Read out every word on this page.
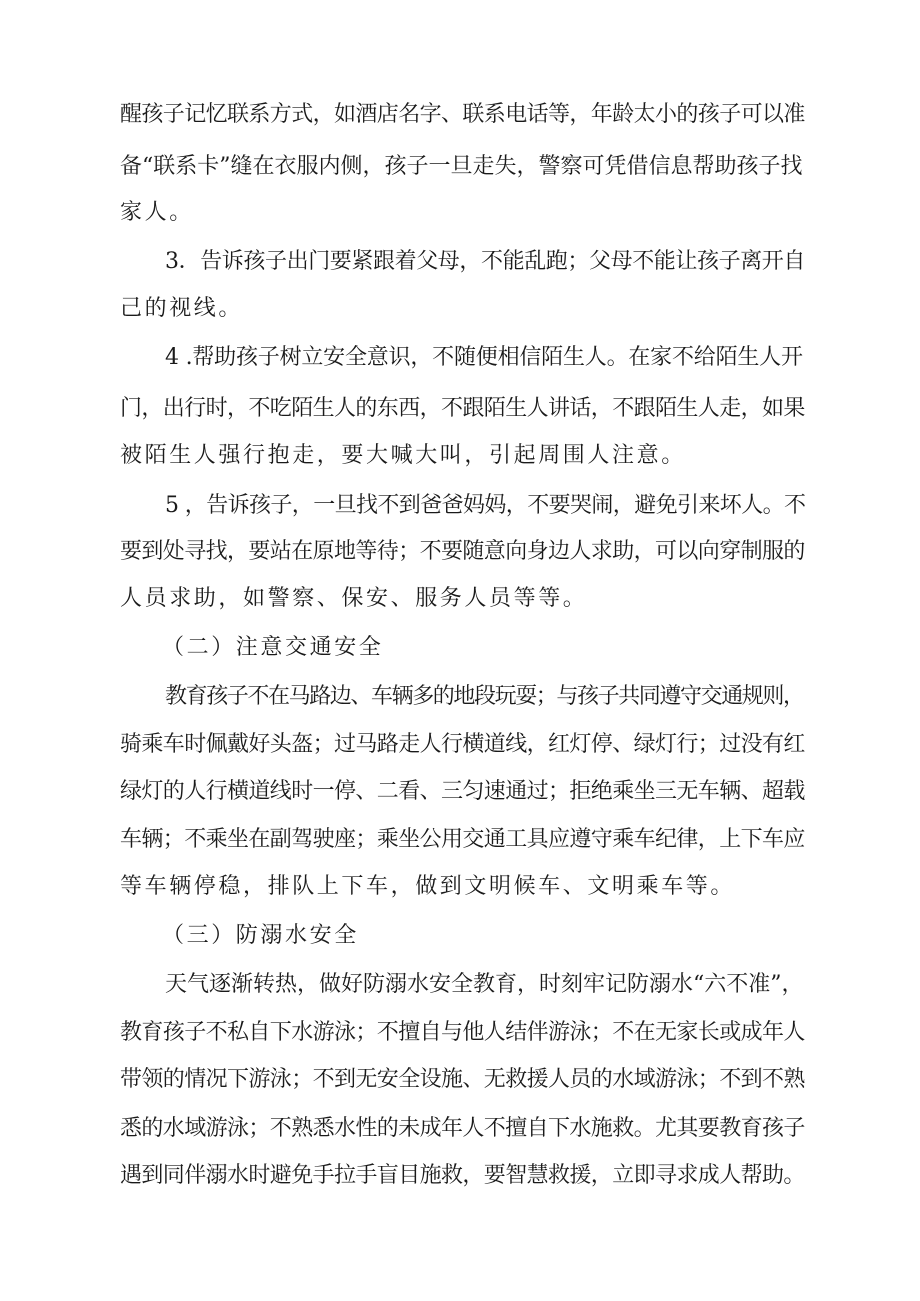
醒孩子记忆联系方式，如酒店名字、联系电话等，年龄太小的孩子可以准
备“联系卡”缝在衣服内侧，孩子一旦走失，警察可凭借信息帮助孩子找
家人。
3．告诉孩子出门要紧跟着父母，不能乱跑；父母不能让孩子离开自
己的视线。
4 .帮助孩子树立安全意识，不随便相信陌生人。在家不给陌生人开
门，出行时，不吃陌生人的东西，不跟陌生人讲话，不跟陌生人走，如果
被陌生人强行抱走，要大喊大叫，引起周围人注意。
5 ，告诉孩子，一旦找不到爸爸妈妈，不要哭闹，避免引来坏人。不
要到处寻找，要站在原地等待；不要随意向身边人求助，可以向穿制服的
人员求助，如警察、保安、服务人员等等。
（二）注意交通安全
教育孩子不在马路边、车辆多的地段玩耍；与孩子共同遵守交通规则，
骑乘车时佩戴好头盔；过马路走人行横道线，红灯停、绿灯行；过没有红
绿灯的人行横道线时一停、二看、三匀速通过；拒绝乘坐三无车辆、超载
车辆；不乘坐在副驾驶座；乘坐公用交通工具应遵守乘车纪律，上下车应
等车辆停稳，排队上下车，做到文明候车、文明乘车等。
（三）防溺水安全
天气逐渐转热，做好防溺水安全教育，时刻牢记防溺水“六不准”，
教育孩子不私自下水游泳；不擅自与他人结伴游泳；不在无家长或成年人
带领的情况下游泳；不到无安全设施、无救援人员的水域游泳；不到不熟
悉的水域游泳；不熟悉水性的未成年人不擅自下水施救。尤其要教育孩子
遇到同伴溺水时避免手拉手盲目施救，要智慧救援，立即寻求成人帮助。
